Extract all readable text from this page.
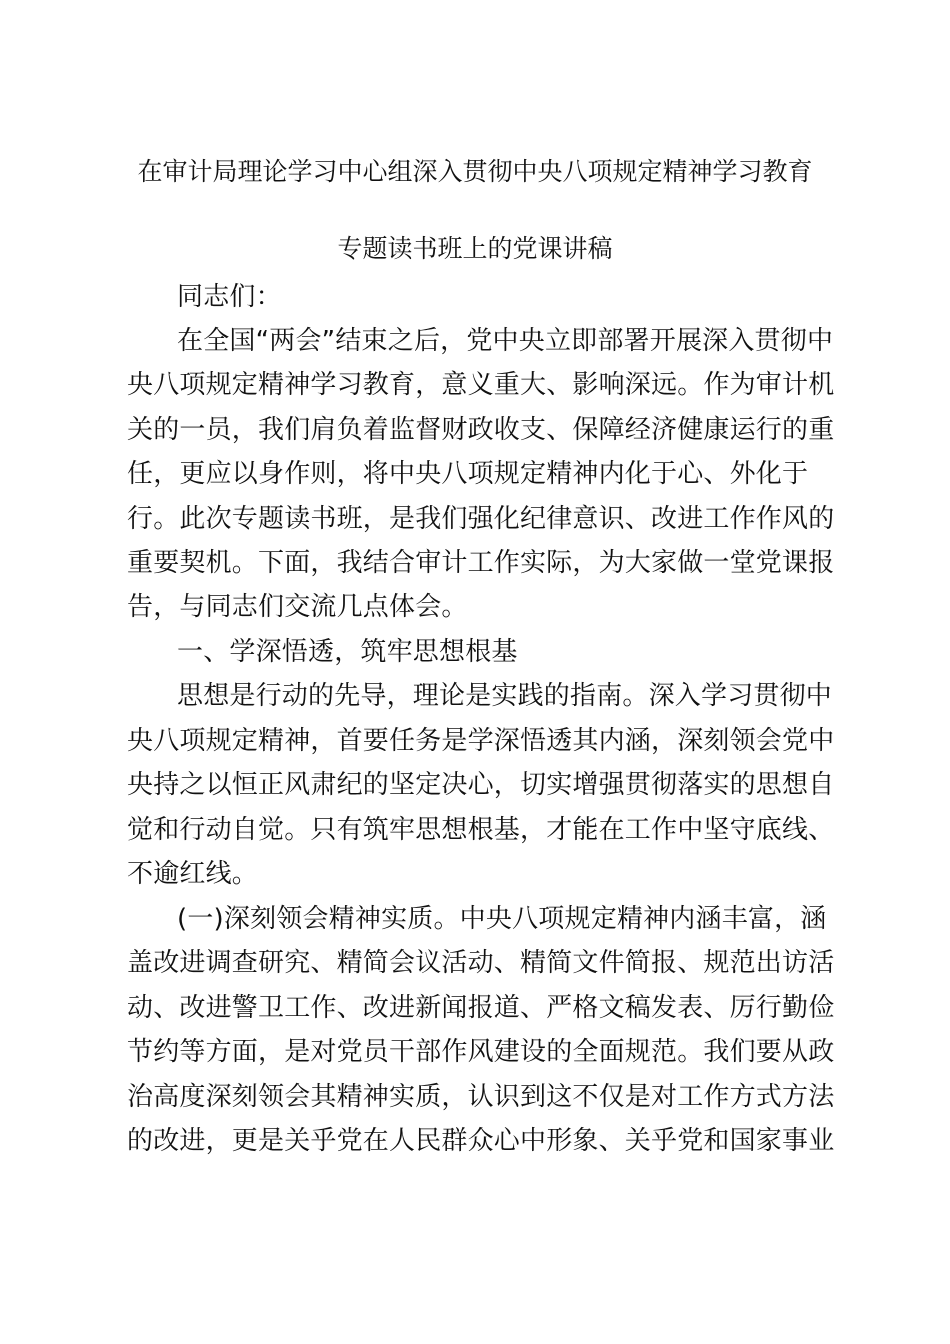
在审计局理论学习中心组深入贯彻中央八项规定精神学习教育
专题读书班上的党课讲稿
同志们：
在全国“两会”结束之后，党中央立即部署开展深入贯彻中
央八项规定精神学习教育，意义重大、影响深远。作为审计机
关的一员，我们肩负着监督财政收支、保障经济健康运行的重
任，更应以身作则，将中央八项规定精神内化于心、外化于
行。此次专题读书班，是我们强化纪律意识、改进工作作风的
重要契机。下面，我结合审计工作实际，为大家做一堂党课报
告，与同志们交流几点体会。
一、学深悟透，筑牢思想根基
思想是行动的先导，理论是实践的指南。深入学习贯彻中
央八项规定精神，首要任务是学深悟透其内涵，深刻领会党中
央持之以恒正风肃纪的坚定决心，切实增强贯彻落实的思想自
觉和行动自觉。只有筑牢思想根基，才能在工作中坚守底线、
不逾红线。
(一)深刻领会精神实质。中央八项规定精神内涵丰富，涵
盖改进调查研究、精简会议活动、精简文件简报、规范出访活
动、改进警卫工作、改进新闻报道、严格文稿发表、厉行勤俭
节约等方面，是对党员干部作风建设的全面规范。我们要从政
治高度深刻领会其精神实质，认识到这不仅是对工作方式方法
的改进，更是关乎党在人民群众心中形象、关乎党和国家事业
